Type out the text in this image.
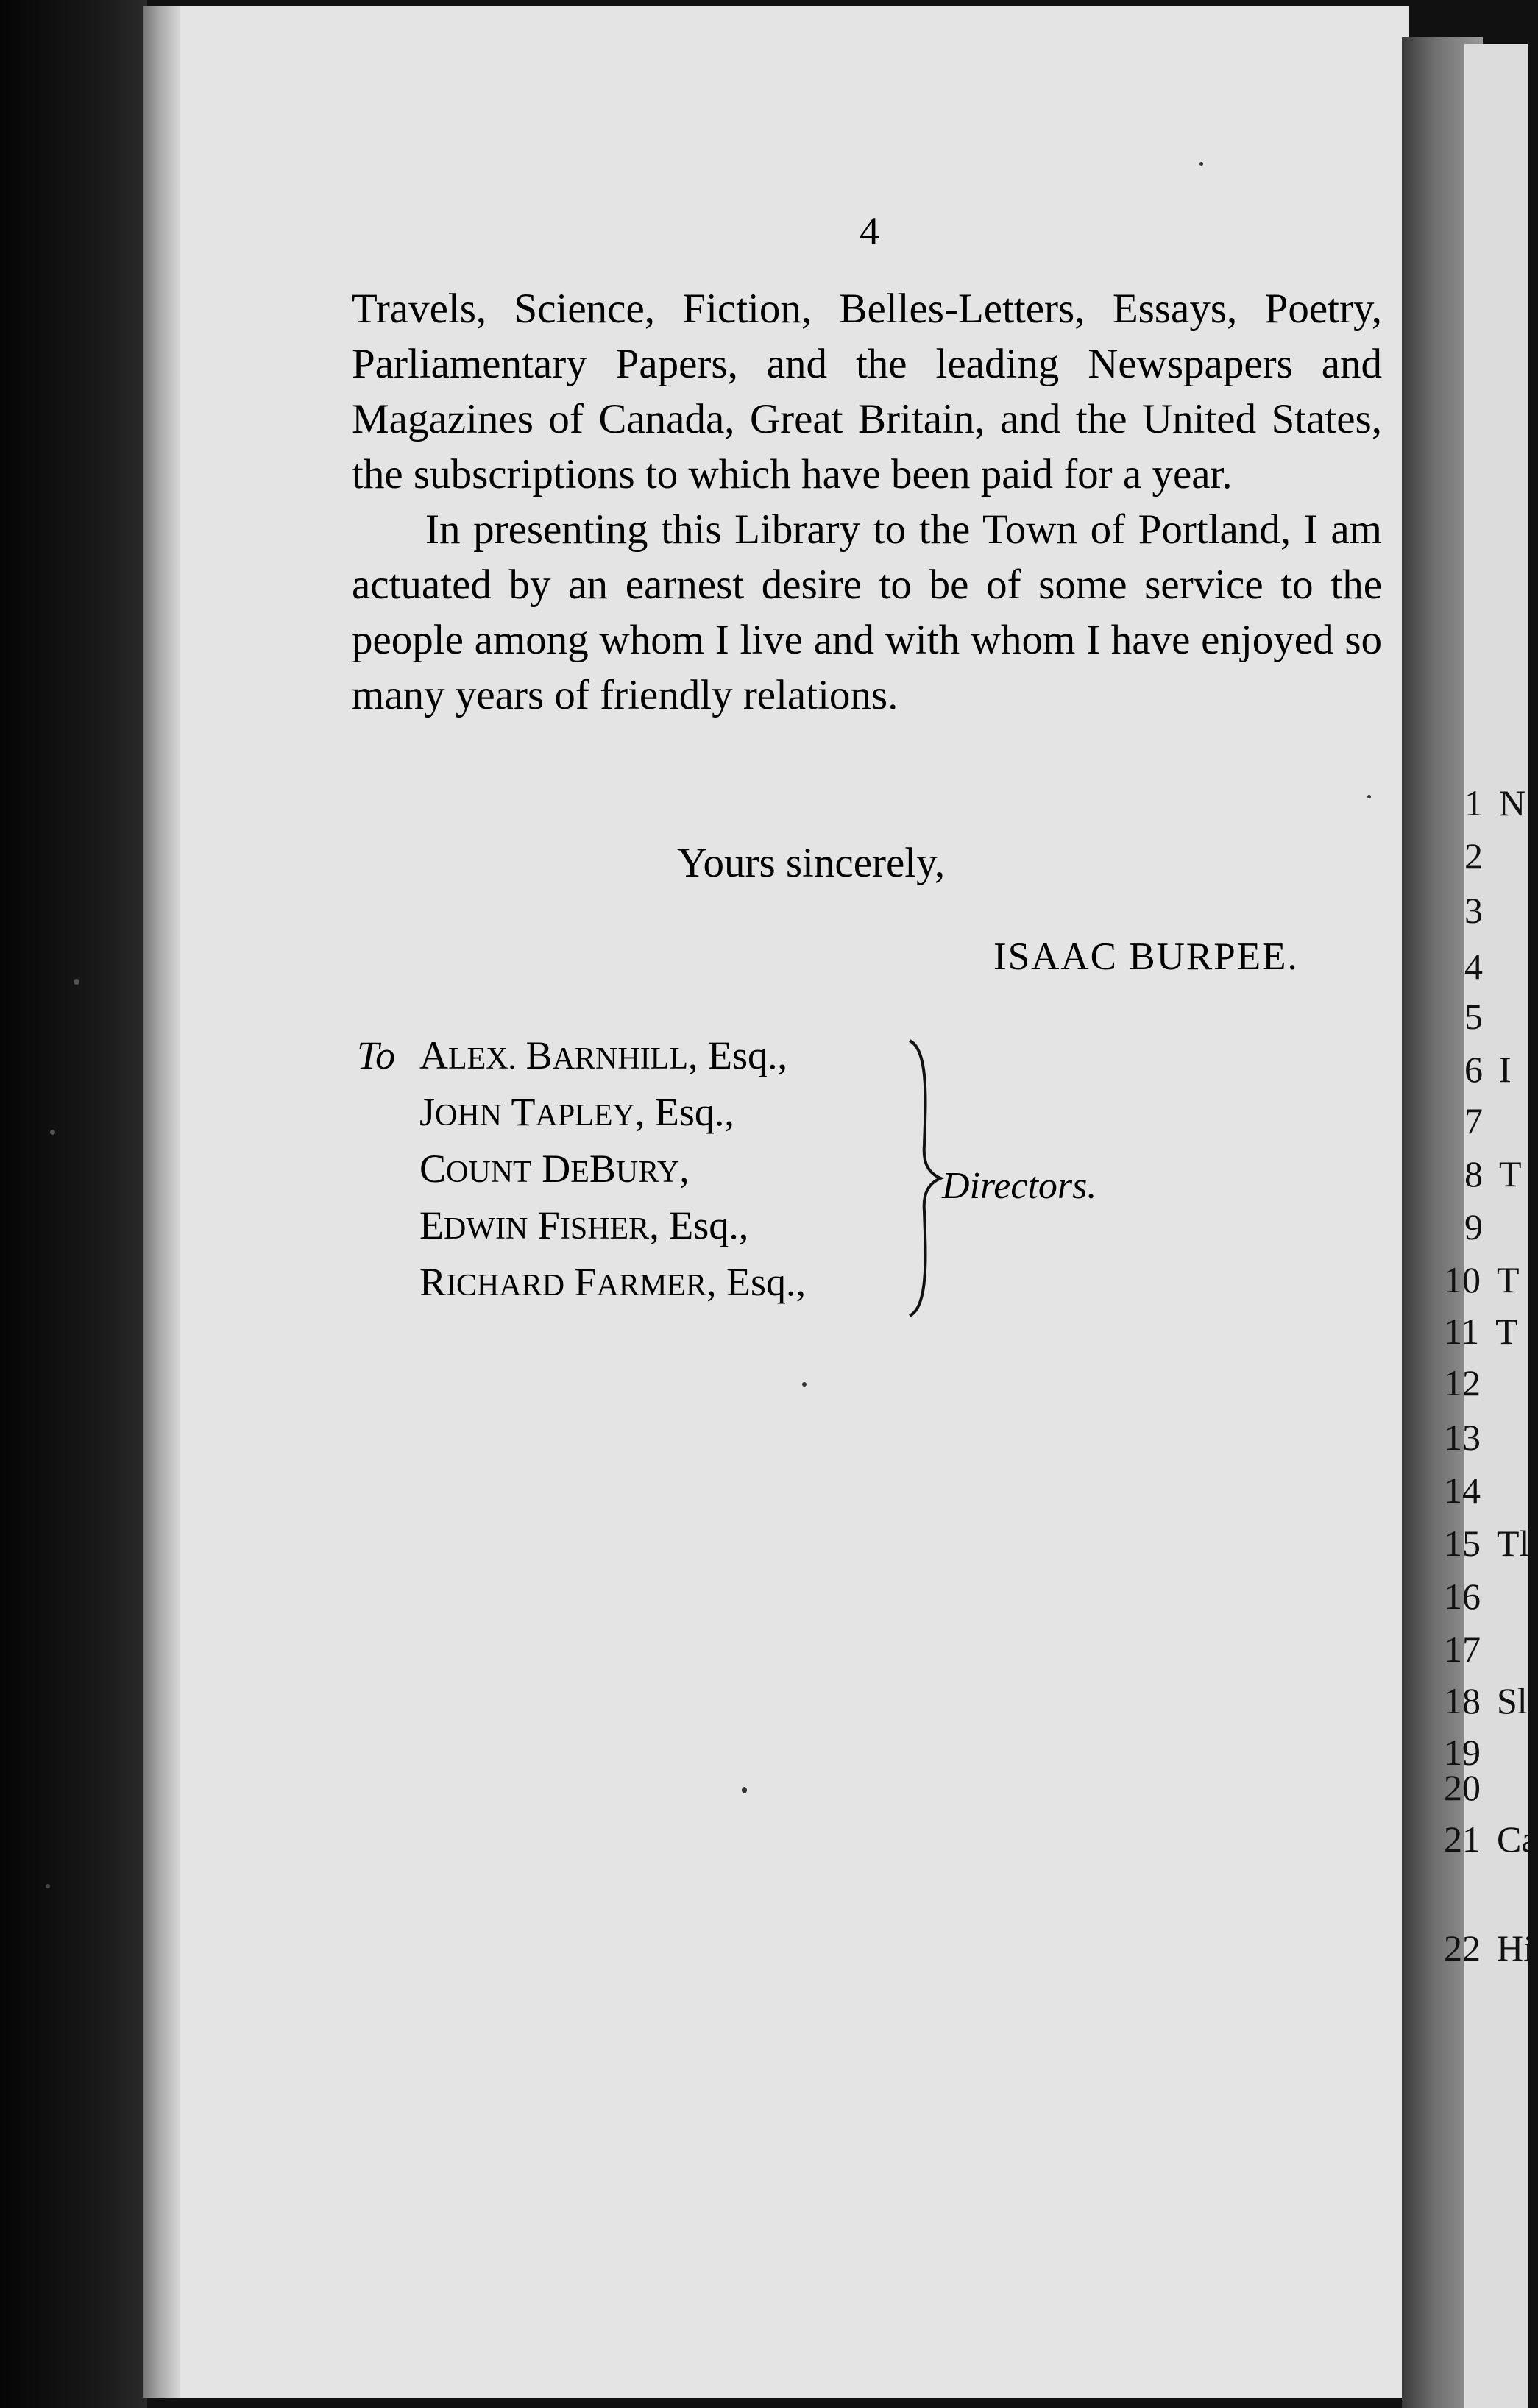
4

Travels, Science, Fiction, Belles-Letters, Essays, Poetry, Parliamentary Papers, and the leading Newspapers and Magazines of Canada, Great Britain, and the United States, the subscriptions to which have been paid for a year.

In presenting this Library to the Town of Portland, I am actuated by an earnest desire to be of some service to the people among whom I live and with whom I have enjoyed so many years of friendly relations.

Yours sincerely,
ISAAC BURPEE.
To ALEX. BARNHILL, Esq.,
JOHN TAPLEY, Esq.,
COUNT DEBURY,
EDWIN FISHER, Esq.,
RICHARD FARMER, Esq.,
Directors.
1 N
2
3
4
5
6 I
7
8 T
9
10 T
11 T
12
13
14
15 Tl
16
17
18 Sl
19
20
21 Ca
22 Hi
